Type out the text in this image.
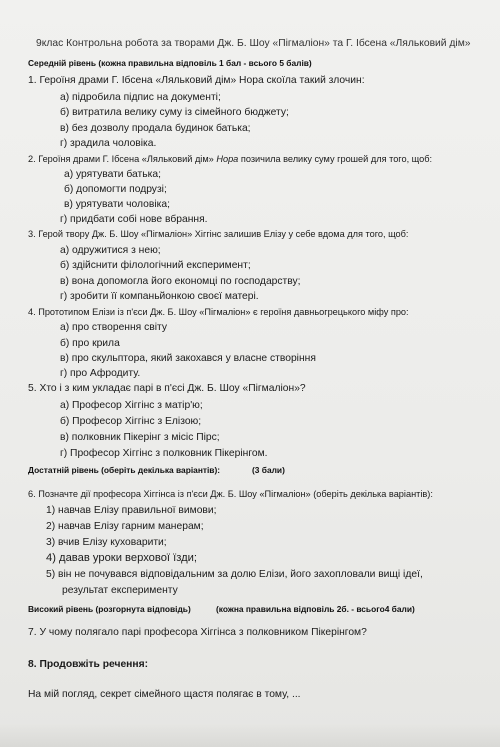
9клас Контрольна робота за творами Дж. Б. Шоу «Пігмаліон» та Г. Ібсена «Ляльковий дім»
Середній рівень (кожна правильна відповіль 1 бал - всього 5 балів)
1. Героїня драми Г. Ібсена «Ляльковий дім» Нора скоїла такий злочин:
а) підробила підпис на документі;
б) витратила велику суму із сімейного бюджету;
в) без дозволу продала будинок батька;
г) зрадила чоловіка.
2. Героїня драми Г. Ібсена «Ляльковий дім» Нора позичила велику суму грошей для того, щоб:
а) урятувати батька;
б) допомогти подрузі;
в) урятувати чоловіка;
г) придбати собі нове вбрання.
3. Герой твору Дж. Б. Шоу «Пігмаліон» Хіггінс залишив Елізу у себе вдома для того, щоб:
а) одружитися з нею;
б) здійснити філологічний експеримент;
в) вона допомогла його економці по господарству;
г) зробити її компаньйонкою своєї матері.
4. Прототипом Елізи із п'єси Дж. Б. Шоу «Пігмаліон» є героїня давньогрецького міфу про:
а) про створення світу
б) про крила
в) про скульптора, який закохався у власне створіння
г) про Афродиту.
5. Хто і з ким укладає парі в п'єсі Дж. Б. Шоу «Пігмаліон»?
а) Професор Хіггінс з матір'ю;
б) Професор Хіггінс з Елізою;
в) полковник Пікерінг з місіс Пірс;
г) Професор Хіггінс з полковник Пікерінгом.
Достатній рівень (оберіть декілька варіантів):	(3 бали)
6. Позначте дії професора Хіггінса із п'єси Дж. Б. Шоу «Пігмаліон» (оберіть декілька варіантів):
1) навчав Елізу правильної вимови;
2) навчав Елізу гарним манерам;
3) вчив Елізу куховарити;
4) давав уроки верхової їзди;
5) він не почувався відповідальним за долю Елізи, його захопловали вищі ідеї,
результат експерименту
Високий рівень (розгорнута відповідь)	(кожна правильна відповіль 2б. - всього4 бали)
7. У чому полягало парі професора Хіггінса з полковником Пікерінгом?
8. Продовжіть речення:
На мій погляд, секрет сімейного щастя полягає в тому, ...
